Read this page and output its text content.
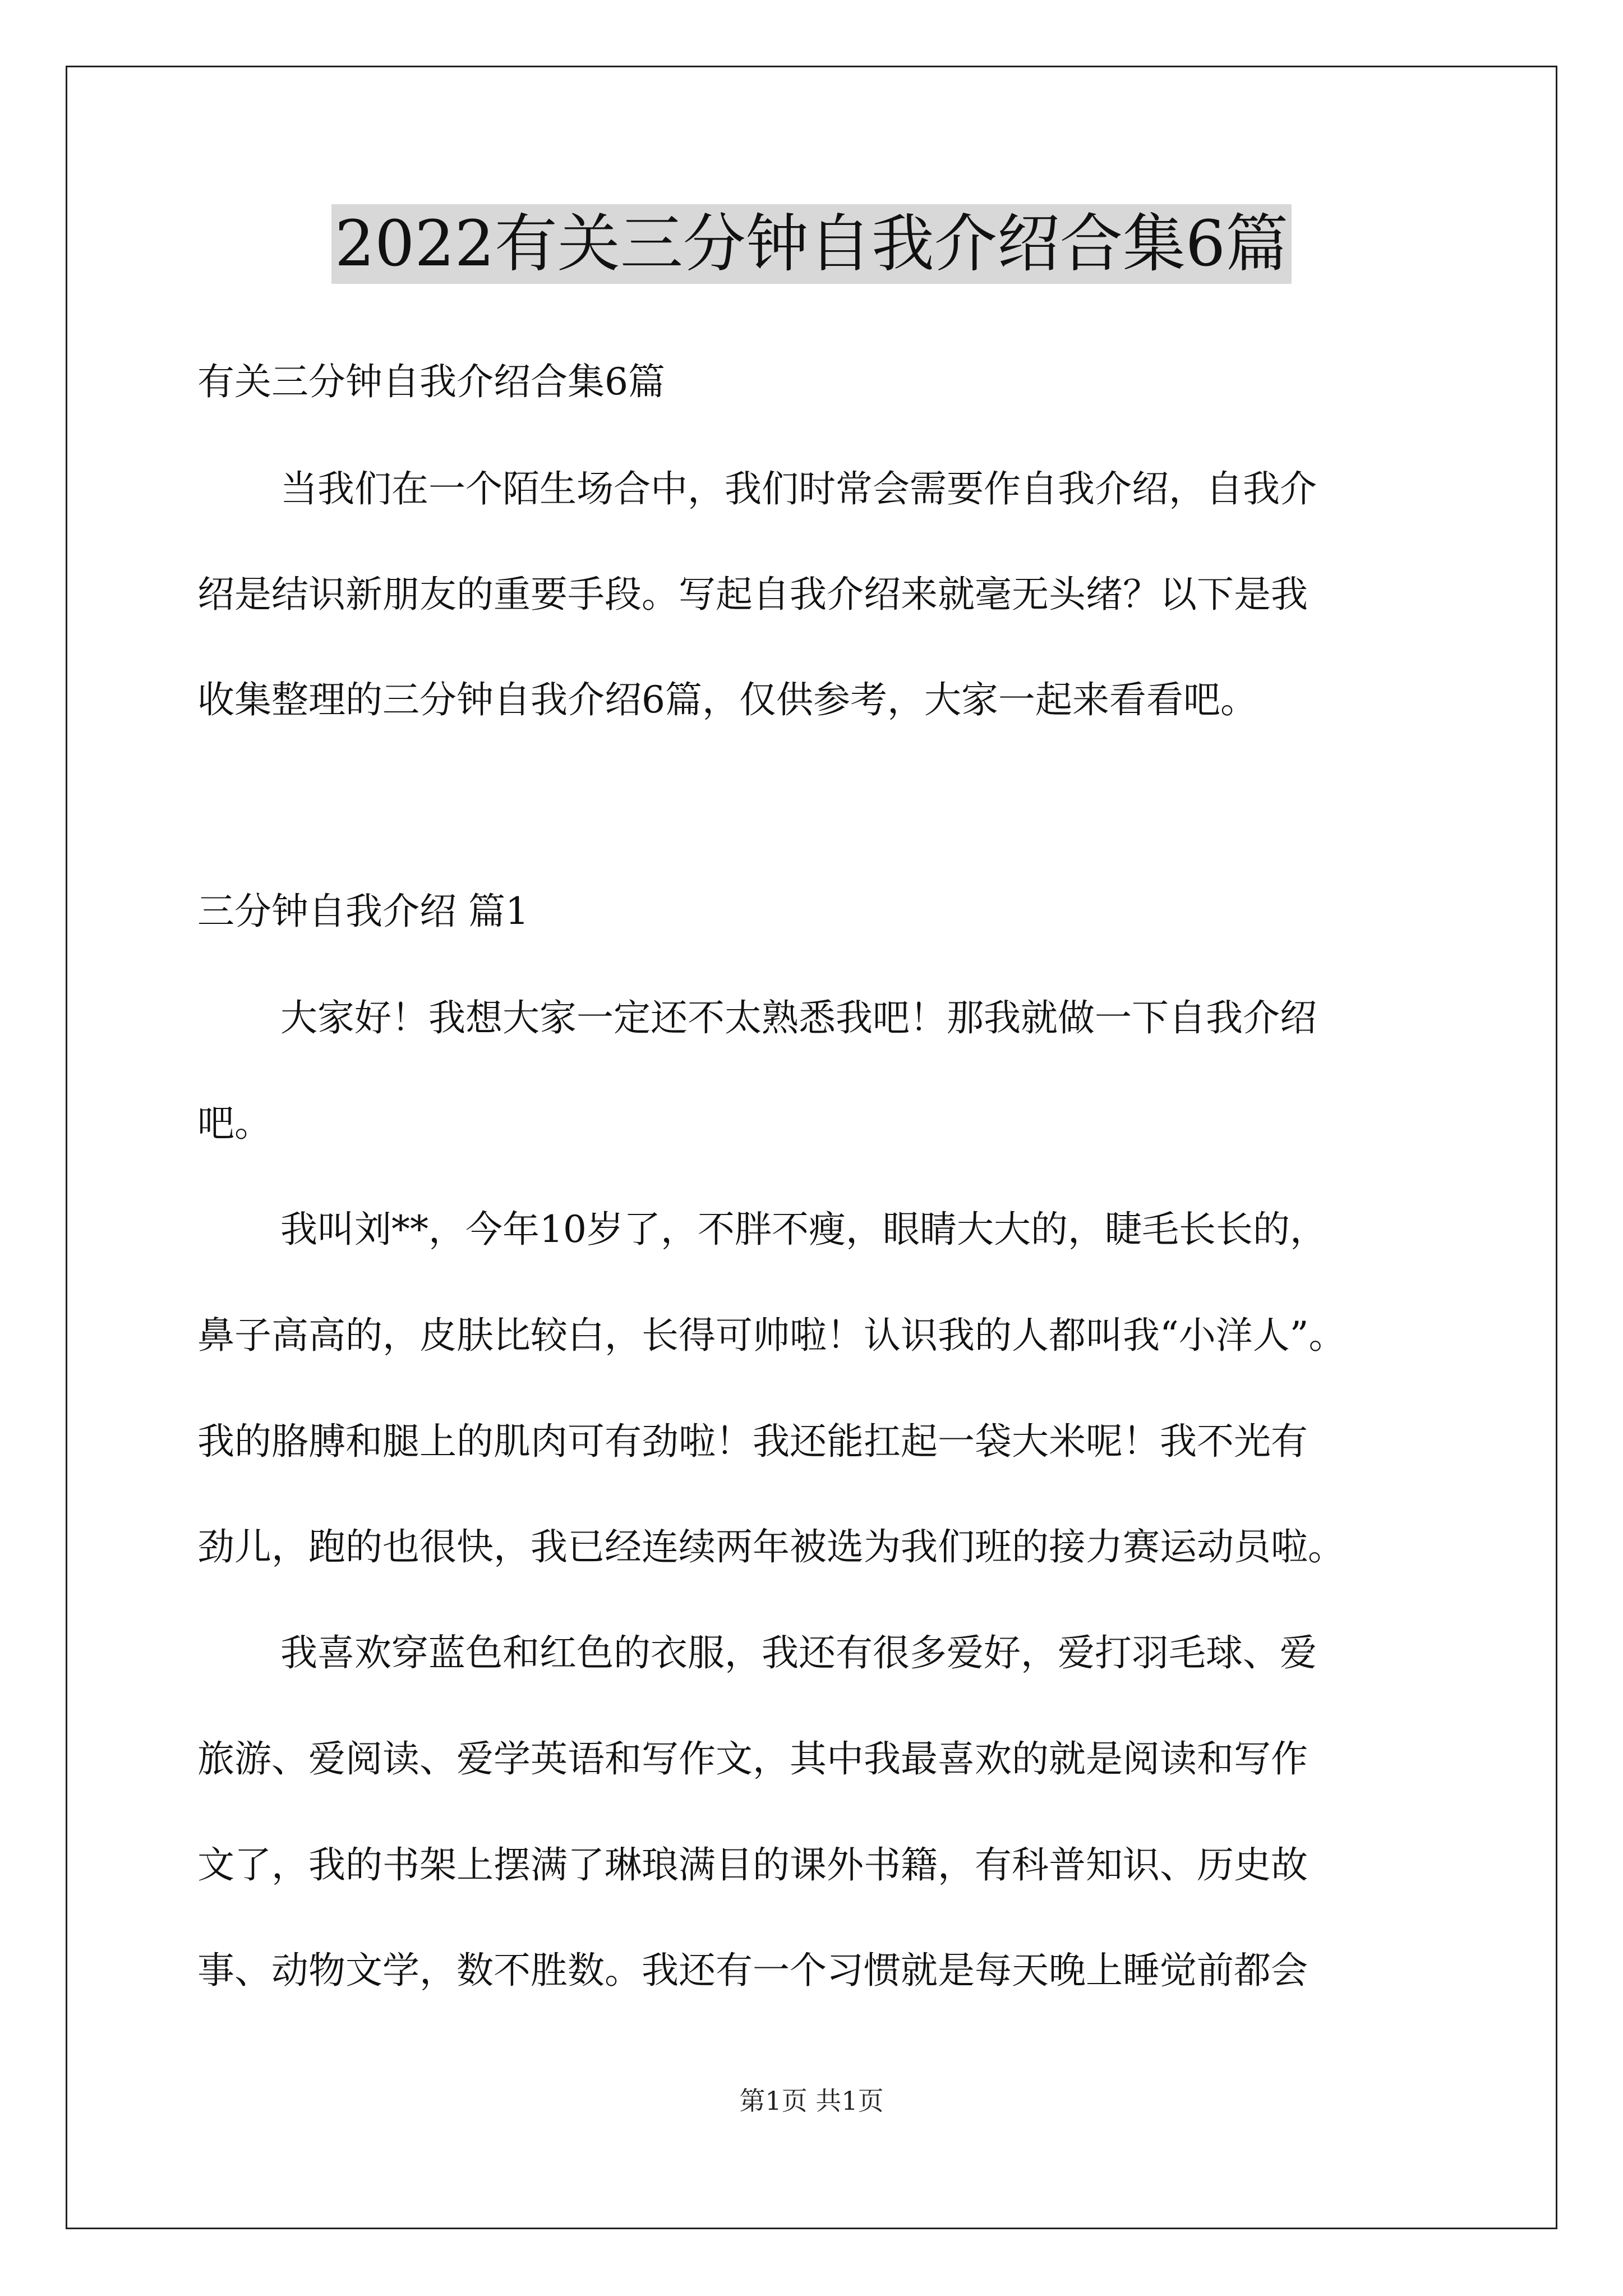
2022有关三分钟自我介绍合集6篇
有关三分钟自我介绍合集6篇
当我们在一个陌生场合中，我们时常会需要作自我介绍，自我介
绍是结识新朋友的重要手段。写起自我介绍来就毫无头绪？以下是我
收集整理的三分钟自我介绍6篇，仅供参考，大家一起来看看吧。
三分钟自我介绍 篇1
大家好！我想大家一定还不太熟悉我吧！那我就做一下自我介绍
吧。
我叫刘**，今年10岁了，不胖不瘦，眼睛大大的，睫毛长长的，
鼻子高高的，皮肤比较白，长得可帅啦！认识我的人都叫我“小洋人”。
我的胳膊和腿上的肌肉可有劲啦！我还能扛起一袋大米呢！我不光有
劲儿，跑的也很快，我已经连续两年被选为我们班的接力赛运动员啦。
我喜欢穿蓝色和红色的衣服，我还有很多爱好，爱打羽毛球、爱
旅游、爱阅读、爱学英语和写作文，其中我最喜欢的就是阅读和写作
文了，我的书架上摆满了琳琅满目的课外书籍，有科普知识、历史故
事、动物文学，数不胜数。我还有一个习惯就是每天晚上睡觉前都会
第1页 共1页
